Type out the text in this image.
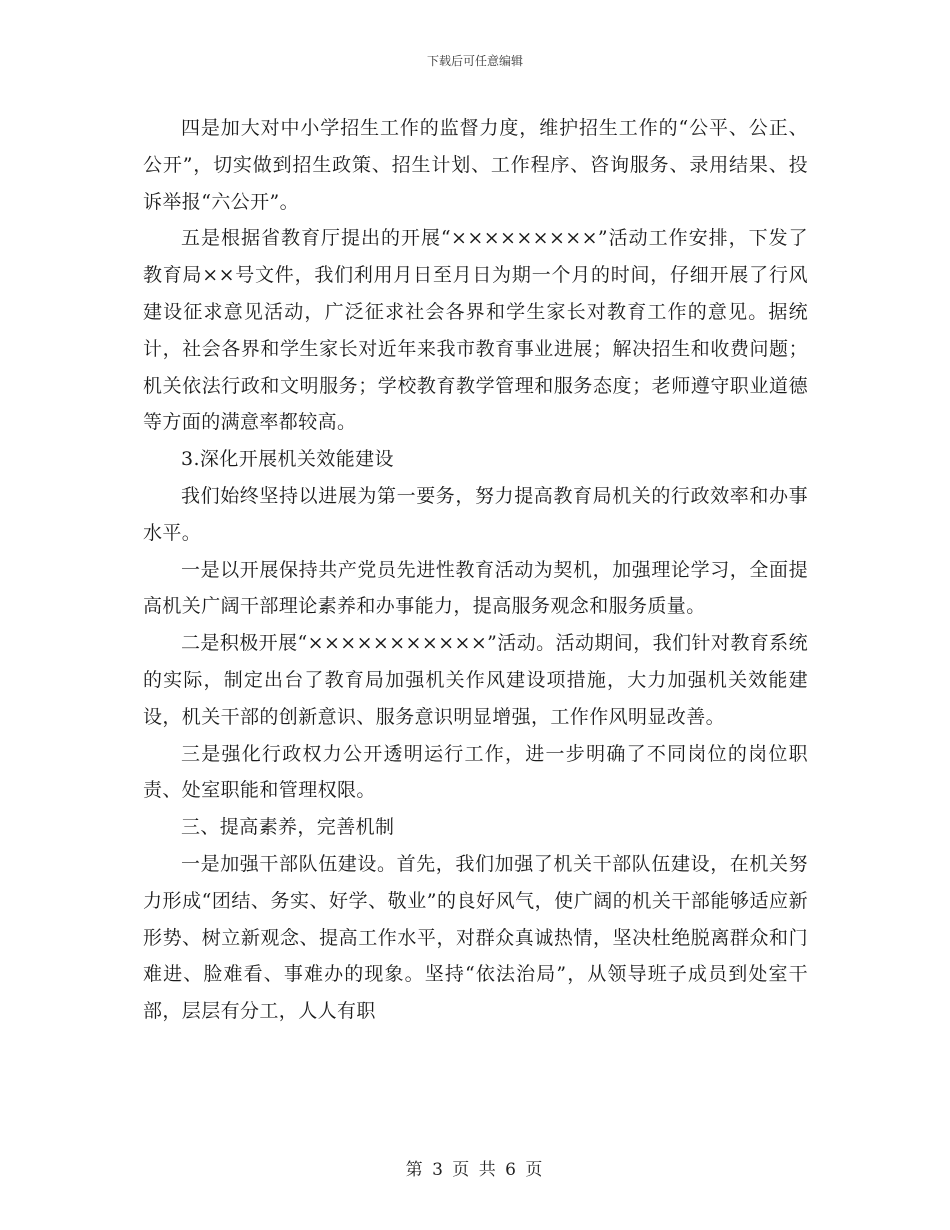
下载后可任意编辑

四是加大对中小学招生工作的监督力度，维护招生工作的“公平、公正、公开”，切实做到招生政策、招生计划、工作程序、咨询服务、录用结果、投诉举报“六公开”。

五是根据省教育厅提出的开展“×××××××××”活动工作安排，下发了教育局××号文件，我们利用月日至月日为期一个月的时间，仔细开展了行风建设征求意见活动，广泛征求社会各界和学生家长对教育工作的意见。据统计，社会各界和学生家长对近年来我市教育事业进展；解决招生和收费问题；机关依法行政和文明服务；学校教育教学管理和服务态度；老师遵守职业道德等方面的满意率都较高。

3.深化开展机关效能建设

我们始终坚持以进展为第一要务，努力提高教育局机关的行政效率和办事水平。

一是以开展保持共产党员先进性教育活动为契机，加强理论学习，全面提高机关广阔干部理论素养和办事能力，提高服务观念和服务质量。

二是积极开展“×××××××××××”活动。活动期间，我们针对教育系统的实际，制定出台了教育局加强机关作风建设项措施，大力加强机关效能建设，机关干部的创新意识、服务意识明显增强，工作作风明显改善。

三是强化行政权力公开透明运行工作，进一步明确了不同岗位的岗位职责、处室职能和管理权限。

三、提高素养，完善机制

一是加强干部队伍建设。首先，我们加强了机关干部队伍建设，在机关努力形成“团结、务实、好学、敬业”的良好风气，使广阔的机关干部能够适应新形势、树立新观念、提高工作水平，对群众真诚热情，坚决杜绝脱离群众和门难进、脸难看、事难办的现象。坚持“依法治局”，从领导班子成员到处室干部，层层有分工，人人有职

第 3 页 共 6 页
